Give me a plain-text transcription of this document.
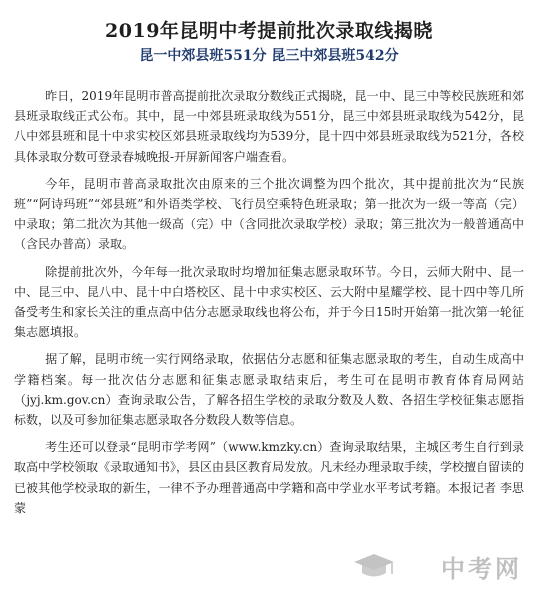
2019年昆明中考提前批次录取线揭晓
昆一中郊县班551分 昆三中郊县班542分

昨日，2019年昆明市普高提前批次录取分数线正式揭晓，昆一中、昆三中等校民族班和郊县班录取线正式公布。其中，昆一中郊县班录取线为551分，昆三中郊县班录取线为542分，昆八中郊县班和昆十中求实校区郊县班录取线均为539分，昆十四中郊县班录取线为521分，各校具体录取分数可登录春城晚报-开屏新闻客户端查看。

今年，昆明市普高录取批次由原来的三个批次调整为四个批次，其中提前批次为“民族班”“阿诗玛班”“郊县班”和外语类学校、飞行员空乘特色班录取；第一批次为一级一等高（完）中录取；第二批次为其他一级高（完）中（含同批次录取学校）录取；第三批次为一般普通高中（含民办普高）录取。

除提前批次外，今年每一批次录取时均增加征集志愿录取环节。今日，云师大附中、昆一中、昆三中、昆八中、昆十中白塔校区、昆十中求实校区、云大附中星耀学校、昆十四中等几所备受考生和家长关注的重点高中估分志愿录取线也将公布，并于今日15时开始第一批次第一轮征集志愿填报。

据了解，昆明市统一实行网络录取，依据估分志愿和征集志愿录取的考生，自动生成高中学籍档案。每一批次估分志愿和征集志愿录取结束后，考生可在昆明市教育体育局网站（jyj.km.gov.cn）查询录取公告，了解各招生学校的录取分数及人数、各招生学校征集志愿指标数，以及可参加征集志愿录取各分数段人数等信息。

考生还可以登录“昆明市学考网”（www.kmzky.cn）查询录取结果，主城区考生自行到录取高中学校领取《录取通知书》，县区由县区教育局发放。凡未经办理录取手续，学校擅自留读的已被其他学校录取的新生，一律不予办理普通高中学籍和高中学业水平考试考籍。本报记者 李思蒙

中考网
